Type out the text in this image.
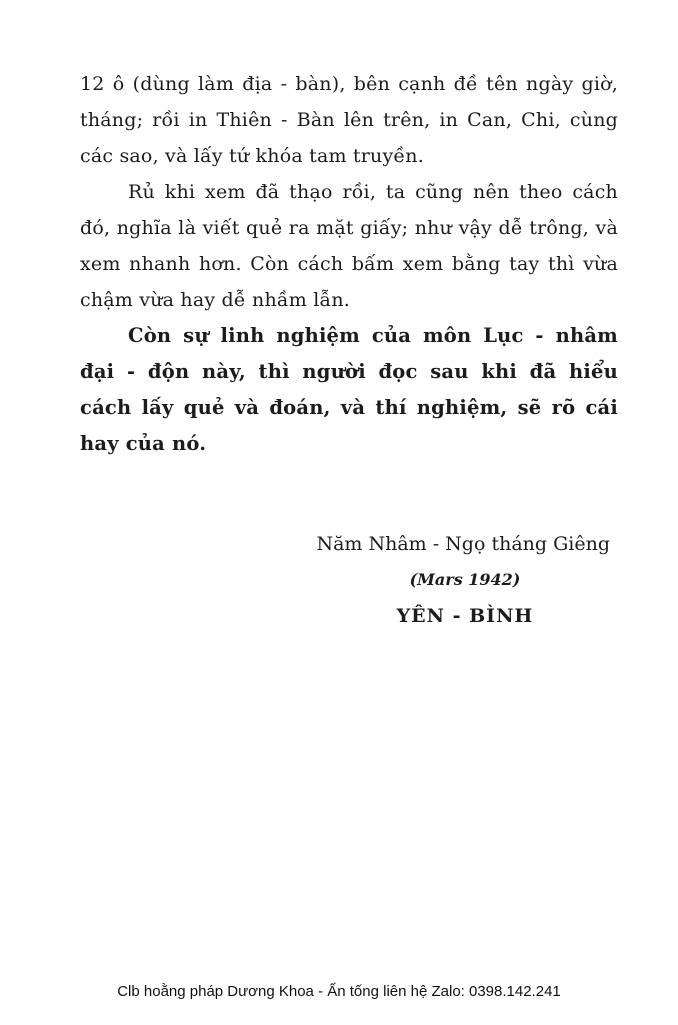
12 ô (dùng làm địa - bàn), bên cạnh đề tên ngày giờ, tháng; rồi in Thiên - Bàn lên trên, in Can, Chi, cùng các sao, và lấy tứ khóa tam truyền.

Rủ khi xem đã thạo rồi, ta cũng nên theo cách đó, nghĩa là viết quẻ ra mặt giấy; như vậy dễ trông, và xem nhanh hơn. Còn cách bấm xem bằng tay thì vừa chậm vừa hay dễ nhầm lẫn.

Còn sự linh nghiệm của môn Lục - nhâm đại - độn này, thì người đọc sau khi đã hiểu cách lấy quẻ và đoán, và thí nghiệm, sẽ rõ cái hay của nó.

Năm Nhâm - Ngọ tháng Giêng
(Mars 1942)
YÊN - BÌNH
Clb hoằng pháp Dương Khoa - Ấn tống liên hệ Zalo: 0398.142.241
